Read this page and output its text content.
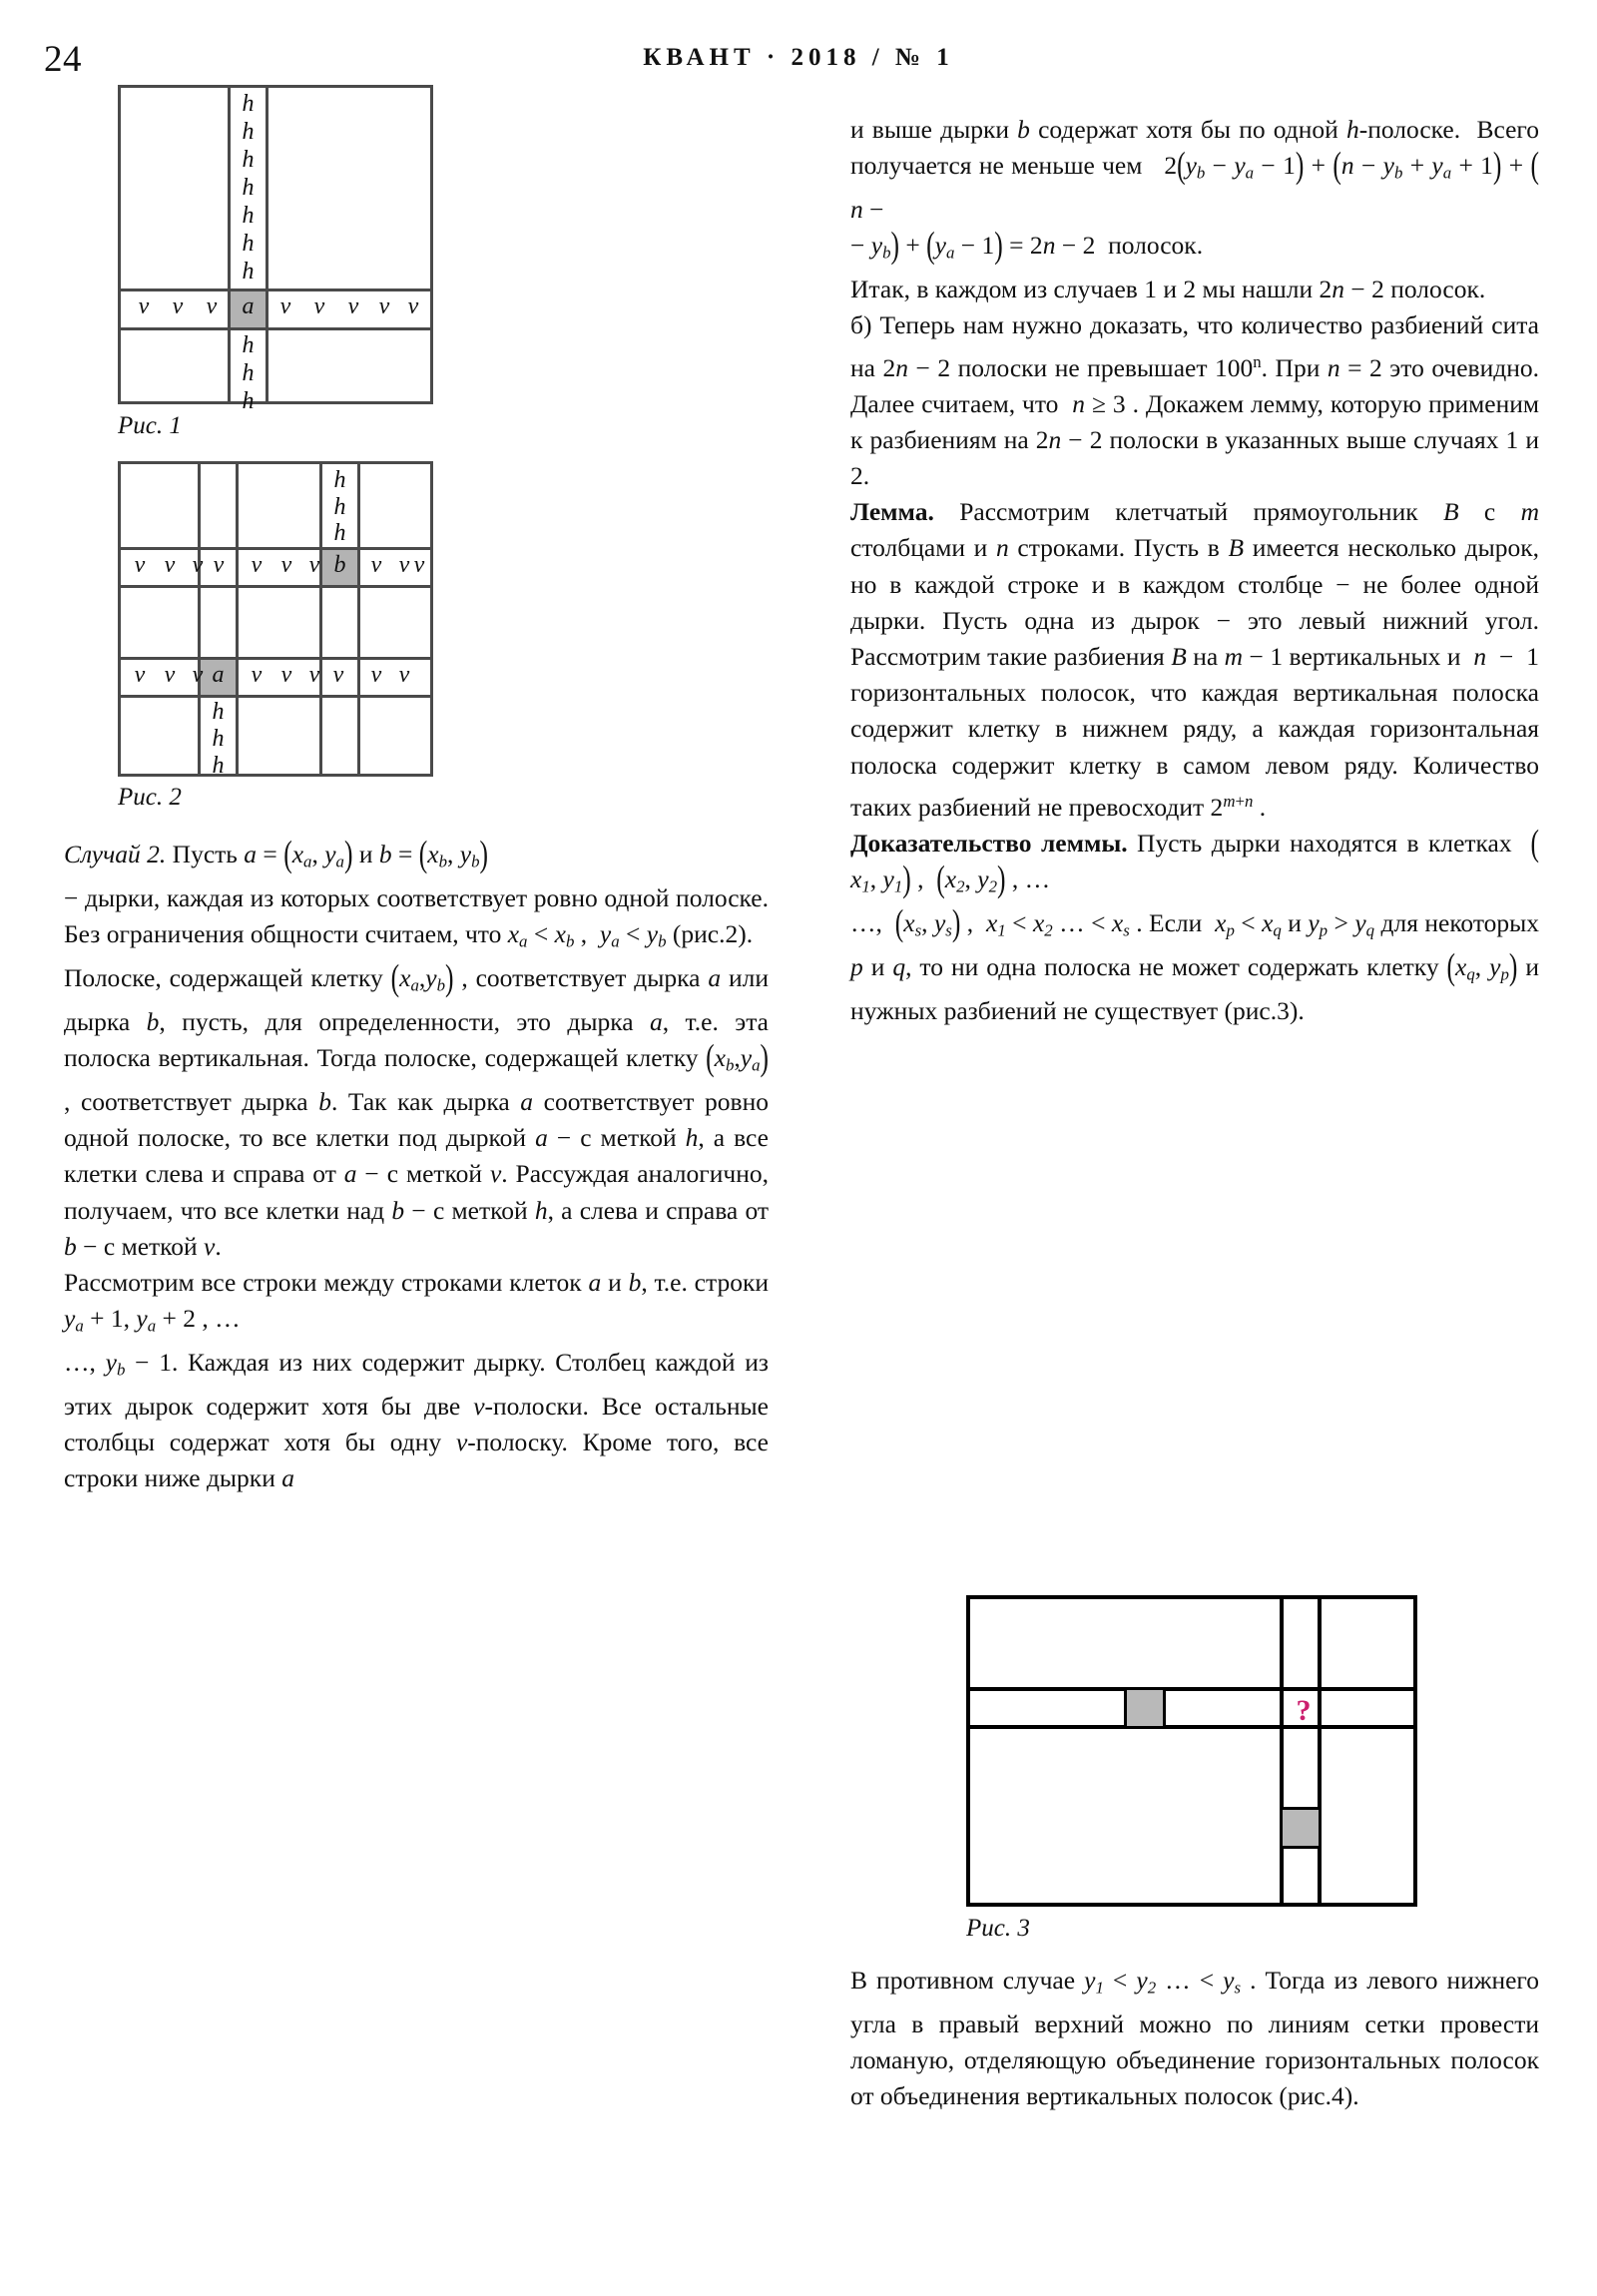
24	КВАНТ · 2018 / № 1
h
h
h
h
h
h
h
a
v v v	v v v v v
h
h
h
Рис. 1
h
h
h
v v v v	v v v b	v v v
v v v a	v v v v	v v
h
h
h
Рис. 2

Случай 2. Пусть $a = (x_a$, $y_a$) и $b = (x_b$, $y_b$)
− дырки, каждая из которых соответствует ровно одной полоске. Без ограничения общности считаем, что $x_a < x_b$ ,  $y_a < y_b$ (рис.2).

Полоске, содержащей клетку $(x_a,y_b)$ , соответствует дырка a или дырка b, пусть, для определенности, это дырка a, т.е. эта полоска вертикальная. Тогда полоске, содержащей клетку $(x_b,y_a)$ , соответствует дырка b. Так как дырка a соответствует ровно одной полоске, то все клетки под дыркой a − с меткой h, а все клетки слева и справа от a − с меткой v. Рассуждая аналогично, получаем, что все клетки над b − с меткой h, а слева и справа от b − с меткой v.

Рассмотрим все строки между строками клеток a и b, т.е. строки $y_a + 1$, $y_a + 2$ , …
…, $y_b - 1$. Каждая из них содержит дырку. Столбец каждой из этих дырок содержит хотя бы две v-полоски. Все остальные столбцы содержат хотя бы одну v-полоску. Кроме того, все строки ниже дырки a

и выше дырки b содержат хотя бы по одной h-полоске.  Всего получается не меньше чем   $2(y_b - y_a - 1) + (n - y_b + y_a + 1) + (n$ −
− $y_b) + (y_a - 1) = 2n - 2$  полосок.

Итак, в каждом из случаев 1 и 2 мы нашли 2n − 2 полосок.

б) Теперь нам нужно доказать, что количество разбиений сита на 2n − 2 полоски не превышает 100$^n$. При n = 2 это очевидно. Далее считаем, что  n ≥ 3 . Докажем лемму, которую применим к разбиениям на 2n − 2 полоски в указанных выше случаях 1 и 2.

Лемма. Рассмотрим клетчатый прямоугольник B с m столбцами и n строками. Пусть в B имеется несколько дырок, но в каждой строке и в каждом столбце − не более одной дырки. Пусть одна из дырок − это левый нижний угол. Рассмотрим такие разбиения B на m − 1 вертикальных и  n  −  1 горизонтальных полосок, что каждая вертикальная полоска содержит клетку в нижнем ряду, а каждая горизонтальная полоска содержит клетку в самом левом ряду. Количество таких разбиений не превосходит $2^{m+n}$ .

Доказательство леммы. Пусть дырки находятся в клетках  ($x_1$, $y_1$) ,  ($x_2$, $y_2$) , …
…,  ($x_s$, $y_s$) ,  $x_1 < x_2$ … < $x_s$ . Если  $x_p < x_q$ и $y_p > y_q$ для некоторых p и q, то ни одна полоска не может содержать клетку ($x_q$, $y_p$) и нужных разбиений не существует (рис.3).

?
Рис. 3

В противном случае $y_1 < y_2$ … < $y_s$ . Тогда из левого нижнего угла в правый верхний можно по линиям сетки провести ломаную, отделяющую объединение горизонтальных полосок от объединения вертикальных полосок (рис.4).
